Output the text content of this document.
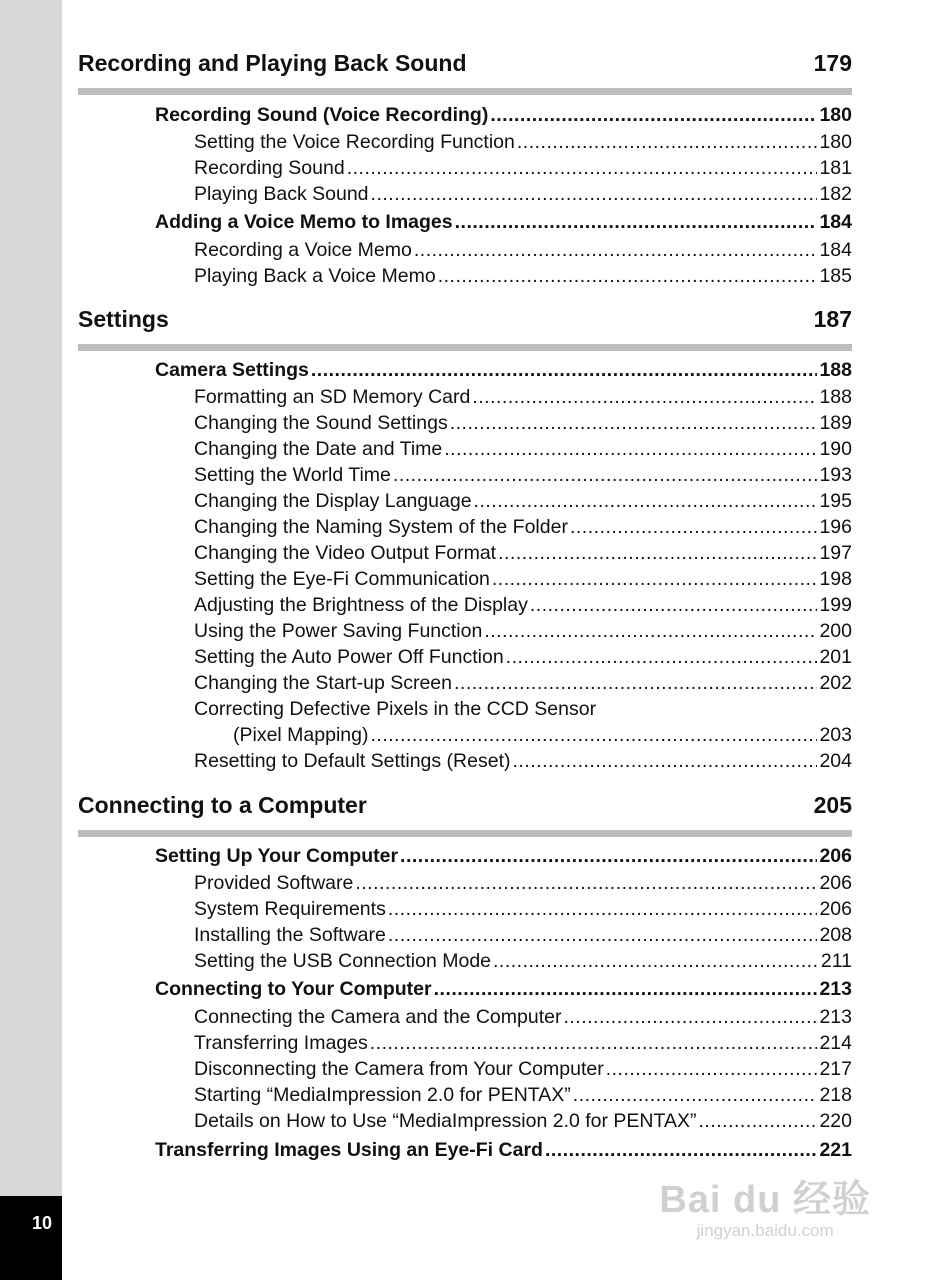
Recording and Playing Back Sound	179
Recording Sound (Voice Recording) .....	180
Setting the Voice Recording Function .....	180
Recording Sound .....	181
Playing Back Sound .....	182
Adding a Voice Memo to Images .....	184
Recording a Voice Memo .....	184
Playing Back a Voice Memo .....	185
Settings	187
Camera Settings .....	188
Formatting an SD Memory Card .....	188
Changing the Sound Settings .....	189
Changing the Date and Time .....	190
Setting the World Time .....	193
Changing the Display Language .....	195
Changing the Naming System of the Folder .....	196
Changing the Video Output Format .....	197
Setting the Eye-Fi Communication .....	198
Adjusting the Brightness of the Display .....	199
Using the Power Saving Function .....	200
Setting the Auto Power Off Function .....	201
Changing the Start-up Screen .....	202
Correcting Defective Pixels in the CCD Sensor
(Pixel Mapping) .....	203
Resetting to Default Settings (Reset) .....	204
Connecting to a Computer	205
Setting Up Your Computer .....	206
Provided Software .....	206
System Requirements .....	206
Installing the Software .....	208
Setting the USB Connection Mode .....	211
Connecting to Your Computer .....	213
Connecting the Camera and the Computer .....	213
Transferring Images .....	214
Disconnecting the Camera from Your Computer .....	217
Starting “MediaImpression 2.0 for PENTAX” .....	218
Details on How to Use “MediaImpression 2.0 for PENTAX” .....	220
Transferring Images Using an Eye-Fi Card .....	221
Bai du 经验
jingyan.baidu.com
10
